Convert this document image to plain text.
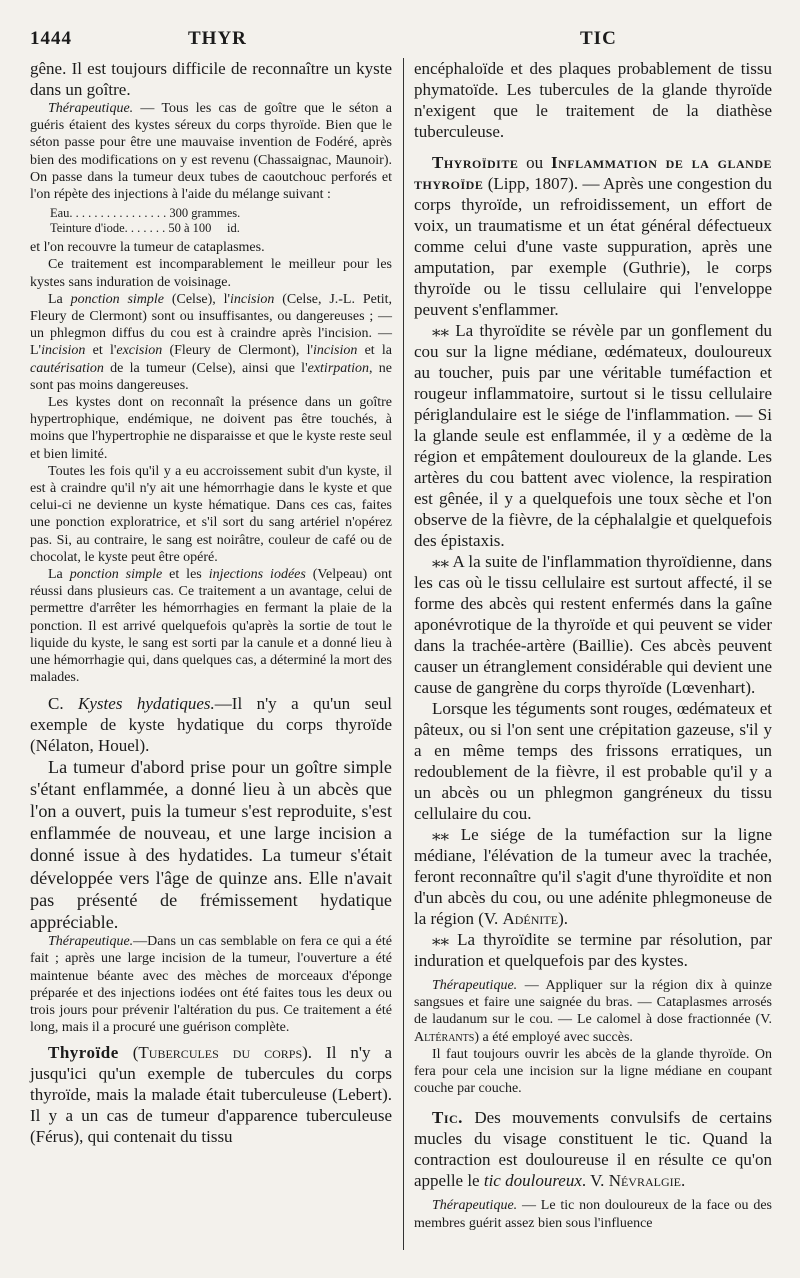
1444	THYR	TIC

gêne. Il est toujours difficile de reconnaître un kyste dans un goître.

Thérapeutique. — Tous les cas de goître que le séton a guéris étaient des kystes séreux du corps thyroïde. Bien que le séton passe pour être une mauvaise invention de Fodéré, après bien des modifications on y est revenu (Chassaignac, Maunoir). On passe dans la tumeur deux tubes de caoutchouc perforés et l'on répète des injections à l'aide du mélange suivant :

Eau. . . . . . . . . . . . . . . . 300 grammes.
Teinture d'iode. . . . . . . 50 à 100     id.

et l'on recouvre la tumeur de cataplasmes.

Ce traitement est incomparablement le meilleur pour les kystes sans induration de voisinage.

La ponction simple (Celse), l'incision (Celse, J.-L. Petit, Fleury de Clermont) sont ou insuffisantes, ou dangereuses ; — un phlegmon diffus du cou est à craindre après l'incision. — L'incision et l'excision (Fleury de Clermont), l'incision et la cautérisation de la tumeur (Celse), ainsi que l'extirpation, ne sont pas moins dangereuses.

Les kystes dont on reconnaît la présence dans un goître hypertrophique, endémique, ne doivent pas être touchés, à moins que l'hypertrophie ne disparaisse et que le kyste reste seul et bien limité.

Toutes les fois qu'il y a eu accroissement subit d'un kyste, il est à craindre qu'il n'y ait une hémorrhagie dans le kyste et que celui-ci ne devienne un kyste hématique. Dans ces cas, faites une ponction exploratrice, et s'il sort du sang artériel n'opérez pas. Si, au contraire, le sang est noirâtre, couleur de café ou de chocolat, le kyste peut être opéré.

La ponction simple et les injections iodées (Velpeau) ont réussi dans plusieurs cas. Ce traitement a un avantage, celui de permettre d'arrêter les hémorrhagies en fermant la plaie de la ponction. Il est arrivé quelquefois qu'après la sortie de tout le liquide du kyste, le sang est sorti par la canule et a donné lieu à une hémorrhagie qui, dans quelques cas, a déterminé la mort des malades.

C. Kystes hydatiques.—Il n'y a qu'un seul exemple de kyste hydatique du corps thyroïde (Nélaton, Houel).

La tumeur d'abord prise pour un goître simple s'étant enflammée, a donné lieu à un abcès que l'on a ouvert, puis la tumeur s'est reproduite, s'est enflammée de nouveau, et une large incision a donné issue à des hydatides. La tumeur s'était développée vers l'âge de quinze ans. Elle n'avait pas présenté de frémissement hydatique appréciable.

Thérapeutique.—Dans un cas semblable on fera ce qui a été fait ; après une large incision de la tumeur, l'ouverture a été maintenue béante avec des mèches de morceaux d'éponge préparée et des injections iodées ont été faites tous les deux ou trois jours pour prévenir l'altération du pus. Ce traitement a été long, mais il a procuré une guérison complète.

Thyroïde (Tubercules du corps). Il n'y a jusqu'ici qu'un exemple de tubercules du corps thyroïde, mais la malade était tuberculeuse (Lebert). Il y a un cas de tumeur d'apparence tuberculeuse (Férus), qui contenait du tissu

encéphaloïde et des plaques probablement de tissu phymatoïde. Les tubercules de la glande thyroïde n'exigent que le traitement de la diathèse tuberculeuse.

Thyroïdite ou Inflammation de la glande thyroïde (Lipp, 1807). — Après une congestion du corps thyroïde, un refroidissement, un effort de voix, un traumatisme et un état général défectueux comme celui d'une vaste suppuration, après une amputation, par exemple (Guthrie), le corps thyroïde ou le tissu cellulaire qui l'enveloppe peuvent s'enflammer.

⁎⁎ La thyroïdite se révèle par un gonflement du cou sur la ligne médiane, œdémateux, douloureux au toucher, puis par une véritable tuméfaction et rougeur inflammatoire, surtout si le tissu cellulaire périglandulaire est le siége de l'inflammation. — Si la glande seule est enflammée, il y a œdème de la région et empâtement douloureux de la glande. Les artères du cou battent avec violence, la respiration est gênée, il y a quelquefois une toux sèche et l'on observe de la fièvre, de la céphalalgie et quelquefois des épistaxis.

⁎⁎ A la suite de l'inflammation thyroïdienne, dans les cas où le tissu cellulaire est surtout affecté, il se forme des abcès qui restent enfermés dans la gaîne aponévrotique de la thyroïde et qui peuvent se vider dans la trachée-artère (Baillie). Ces abcès peuvent causer un étranglement considérable qui devient une cause de gangrène du corps thyroïde (Lœvenhart).

Lorsque les téguments sont rouges, œdémateux et pâteux, ou si l'on sent une crépitation gazeuse, s'il y a en même temps des frissons erratiques, un redoublement de la fièvre, il est probable qu'il y a un abcès ou un phlegmon gangréneux du tissu cellulaire du cou.

⁎⁎ Le siége de la tuméfaction sur la ligne médiane, l'élévation de la tumeur avec la trachée, feront reconnaître qu'il s'agit d'une thyroïdite et non d'un abcès du cou, ou une adénite phlegmoneuse de la région (V. Adénite).

⁎⁎ La thyroïdite se termine par résolution, par induration et quelquefois par des kystes.

Thérapeutique. — Appliquer sur la région dix à quinze sangsues et faire une saignée du bras. — Cataplasmes arrosés de laudanum sur le cou. — Le calomel à dose fractionnée (V. Altérants) a été employé avec succès.

Il faut toujours ouvrir les abcès de la glande thyroïde. On fera pour cela une incision sur la ligne médiane en coupant couche par couche.

Tic. Des mouvements convulsifs de certains mucles du visage constituent le tic. Quand la contraction est douloureuse il en résulte ce qu'on appelle le tic douloureux. V. Névralgie.

Thérapeutique. — Le tic non douloureux de la face ou des membres guérit assez bien sous l'influence
